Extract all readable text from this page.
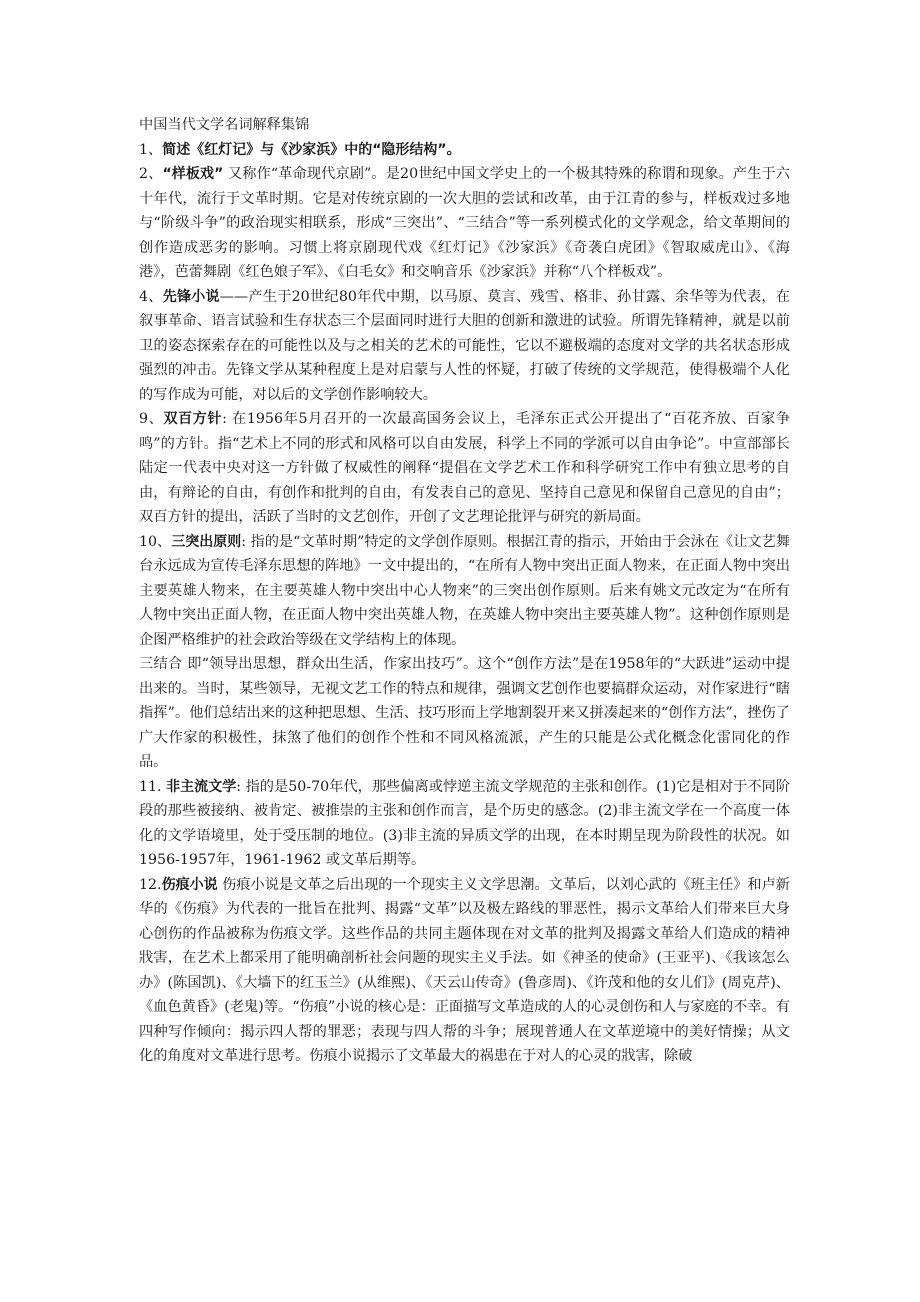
中国当代文学名词解释集锦

1、简述《红灯记》与《沙家浜》中的“隐形结构”。

2、“样板戏” 又称作“革命现代京剧”。是20世纪中国文学史上的一个极其特殊的称谓和现象。产生于六十年代，流行于文革时期。它是对传统京剧的一次大胆的尝试和改革，由于江青的参与，样板戏过多地与“阶级斗争”的政治现实相联系，形成“三突出”、“三结合”等一系列模式化的文学观念，给文革期间的创作造成恶劣的影响。习惯上将京剧现代戏《红灯记》《沙家浜》《奇袭白虎团》《智取威虎山》、《海港》，芭蕾舞剧《红色娘子军》、《白毛女》和交响音乐《沙家浜》并称“八个样板戏”。

4、先锋小说——产生于20世纪80年代中期，以马原、莫言、残雪、格非、孙甘露、余华等为代表，在叙事革命、语言试验和生存状态三个层面同时进行大胆的创新和激进的试验。所谓先锋精神，就是以前卫的姿态探索存在的可能性以及与之相关的艺术的可能性，它以不避极端的态度对文学的共名状态形成强烈的冲击。先锋文学从某种程度上是对启蒙与人性的怀疑，打破了传统的文学规范，使得极端个人化的写作成为可能，对以后的文学创作影响较大。

9、双百方针: 在1956年5月召开的一次最高国务会议上，毛泽东正式公开提出了“百花齐放、百家争鸣”的方针。指“艺术上不同的形式和风格可以自由发展，科学上不同的学派可以自由争论”。中宣部部长陆定一代表中央对这一方针做了权威性的阐释“提倡在文学艺术工作和科学研究工作中有独立思考的自由，有辩论的自由，有创作和批判的自由，有发表自己的意见、坚持自己意见和保留自己意见的自由”；双百方针的提出，活跃了当时的文艺创作，开创了文艺理论批评与研究的新局面。

10、三突出原则: 指的是“文革时期”特定的文学创作原则。根据江青的指示，开始由于会泳在《让文艺舞台永远成为宣传毛泽东思想的阵地》一文中提出的，“在所有人物中突出正面人物来，在正面人物中突出主要英雄人物来，在主要英雄人物中突出中心人物来”的三突出创作原则。后来有姚文元改定为“在所有人物中突出正面人物，在正面人物中突出英雄人物，在英雄人物中突出主要英雄人物”。这种创作原则是企图严格维护的社会政治等级在文学结构上的体现。

三结合 即“领导出思想，群众出生活，作家出技巧”。这个“创作方法”是在1958年的“大跃进”运动中提出来的。当时，某些领导，无视文艺工作的特点和规律，强调文艺创作也要搞群众运动，对作家进行“瞎指挥”。他们总结出来的这种把思想、生活、技巧形而上学地割裂开来又拼凑起来的“创作方法”，挫伤了广大作家的积极性，抹煞了他们的创作个性和不同风格流派，产生的只能是公式化概念化雷同化的作品。

11. 非主流文学: 指的是50-70年代，那些偏离或悖逆主流文学规范的主张和创作。(1)它是相对于不同阶段的那些被接纳、被肯定、被推崇的主张和创作而言，是个历史的感念。(2)非主流文学在一个高度一体化的文学语境里，处于受压制的地位。(3)非主流的异质文学的出现，在本时期呈现为阶段性的状况。如1956-1957年，1961-1962 或文革后期等。

12.伤痕小说 伤痕小说是文革之后出现的一个现实主义文学思潮。文革后，以刘心武的《班主任》和卢新华的《伤痕》为代表的一批旨在批判、揭露“文革”以及极左路线的罪恶性，揭示文革给人们带来巨大身心创伤的作品被称为伤痕文学。这些作品的共同主题体现在对文革的批判及揭露文革给人们造成的精神戕害，在艺术上都采用了能明确剖析社会问题的现实主义手法。如《神圣的使命》(王亚平)、《我该怎么办》(陈国凯)、《大墙下的红玉兰》(从维熙)、《天云山传奇》(鲁彦周)、《许茂和他的女儿们》(周克芹)、《血色黄昏》(老鬼)等。“伤痕”小说的核心是：正面描写文革造成的人的心灵创伤和人与家庭的不幸。有四种写作倾向：揭示四人帮的罪恶；表现与四人帮的斗争；展现普通人在文革逆境中的美好情操；从文化的角度对文革进行思考。伤痕小说揭示了文革最大的祸患在于对人的心灵的戕害，除破
